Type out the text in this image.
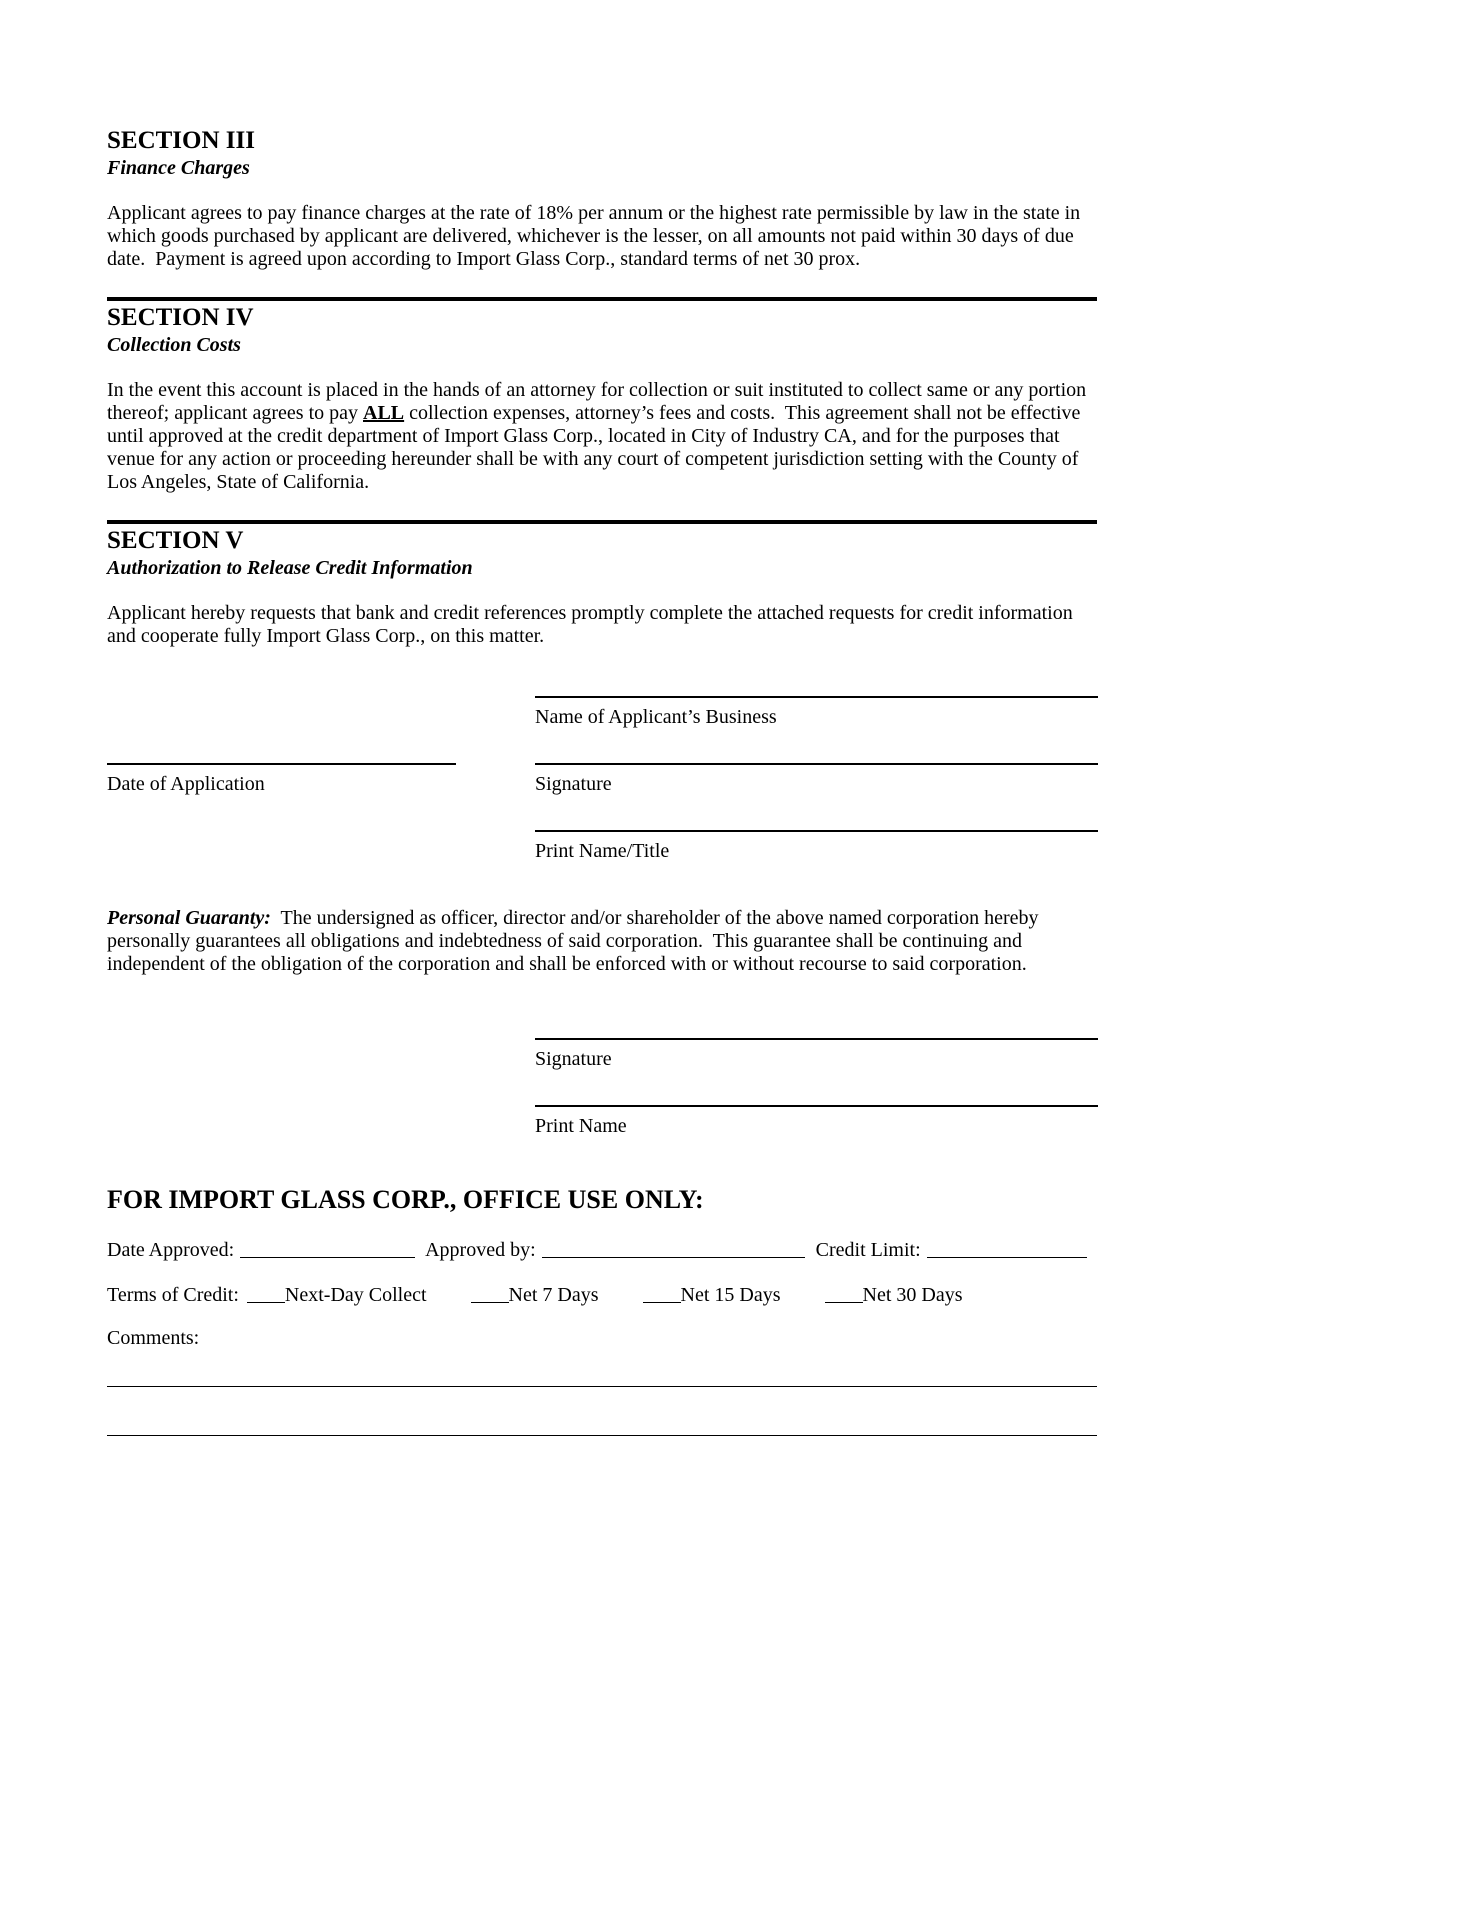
SECTION III
Finance Charges

Applicant agrees to pay finance charges at the rate of 18% per annum or the highest rate permissible by law in the state in which goods purchased by applicant are delivered, whichever is the lesser, on all amounts not paid within 30 days of due date.  Payment is agreed upon according to Import Glass Corp., standard terms of net 30 prox.

SECTION IV
Collection Costs

In the event this account is placed in the hands of an attorney for collection or suit instituted to collect same or any portion thereof; applicant agrees to pay ALL collection expenses, attorney’s fees and costs.  This agreement shall not be effective until approved at the credit department of Import Glass Corp., located in City of Industry CA, and for the purposes that venue for any action or proceeding hereunder shall be with any court of competent jurisdiction setting with the County of Los Angeles, State of California.

SECTION V
Authorization to Release Credit Information

Applicant hereby requests that bank and credit references promptly complete the attached requests for credit information and cooperate fully Import Glass Corp., on this matter.

Name of Applicant’s Business
Date of Application	Signature
Print Name/Title

Personal Guaranty:  The undersigned as officer, director and/or shareholder of the above named corporation hereby personally guarantees all obligations and indebtedness of said corporation.  This guarantee shall be continuing and independent of the obligation of the corporation and shall be enforced with or without recourse to said corporation.

Signature
Print Name
FOR IMPORT GLASS CORP., OFFICE USE ONLY:
Date Approved:	Approved by:	Credit Limit:
Terms of Credit: Next-Day Collect	Net 7 Days	Net 15 Days	Net 30 Days
Comments:
